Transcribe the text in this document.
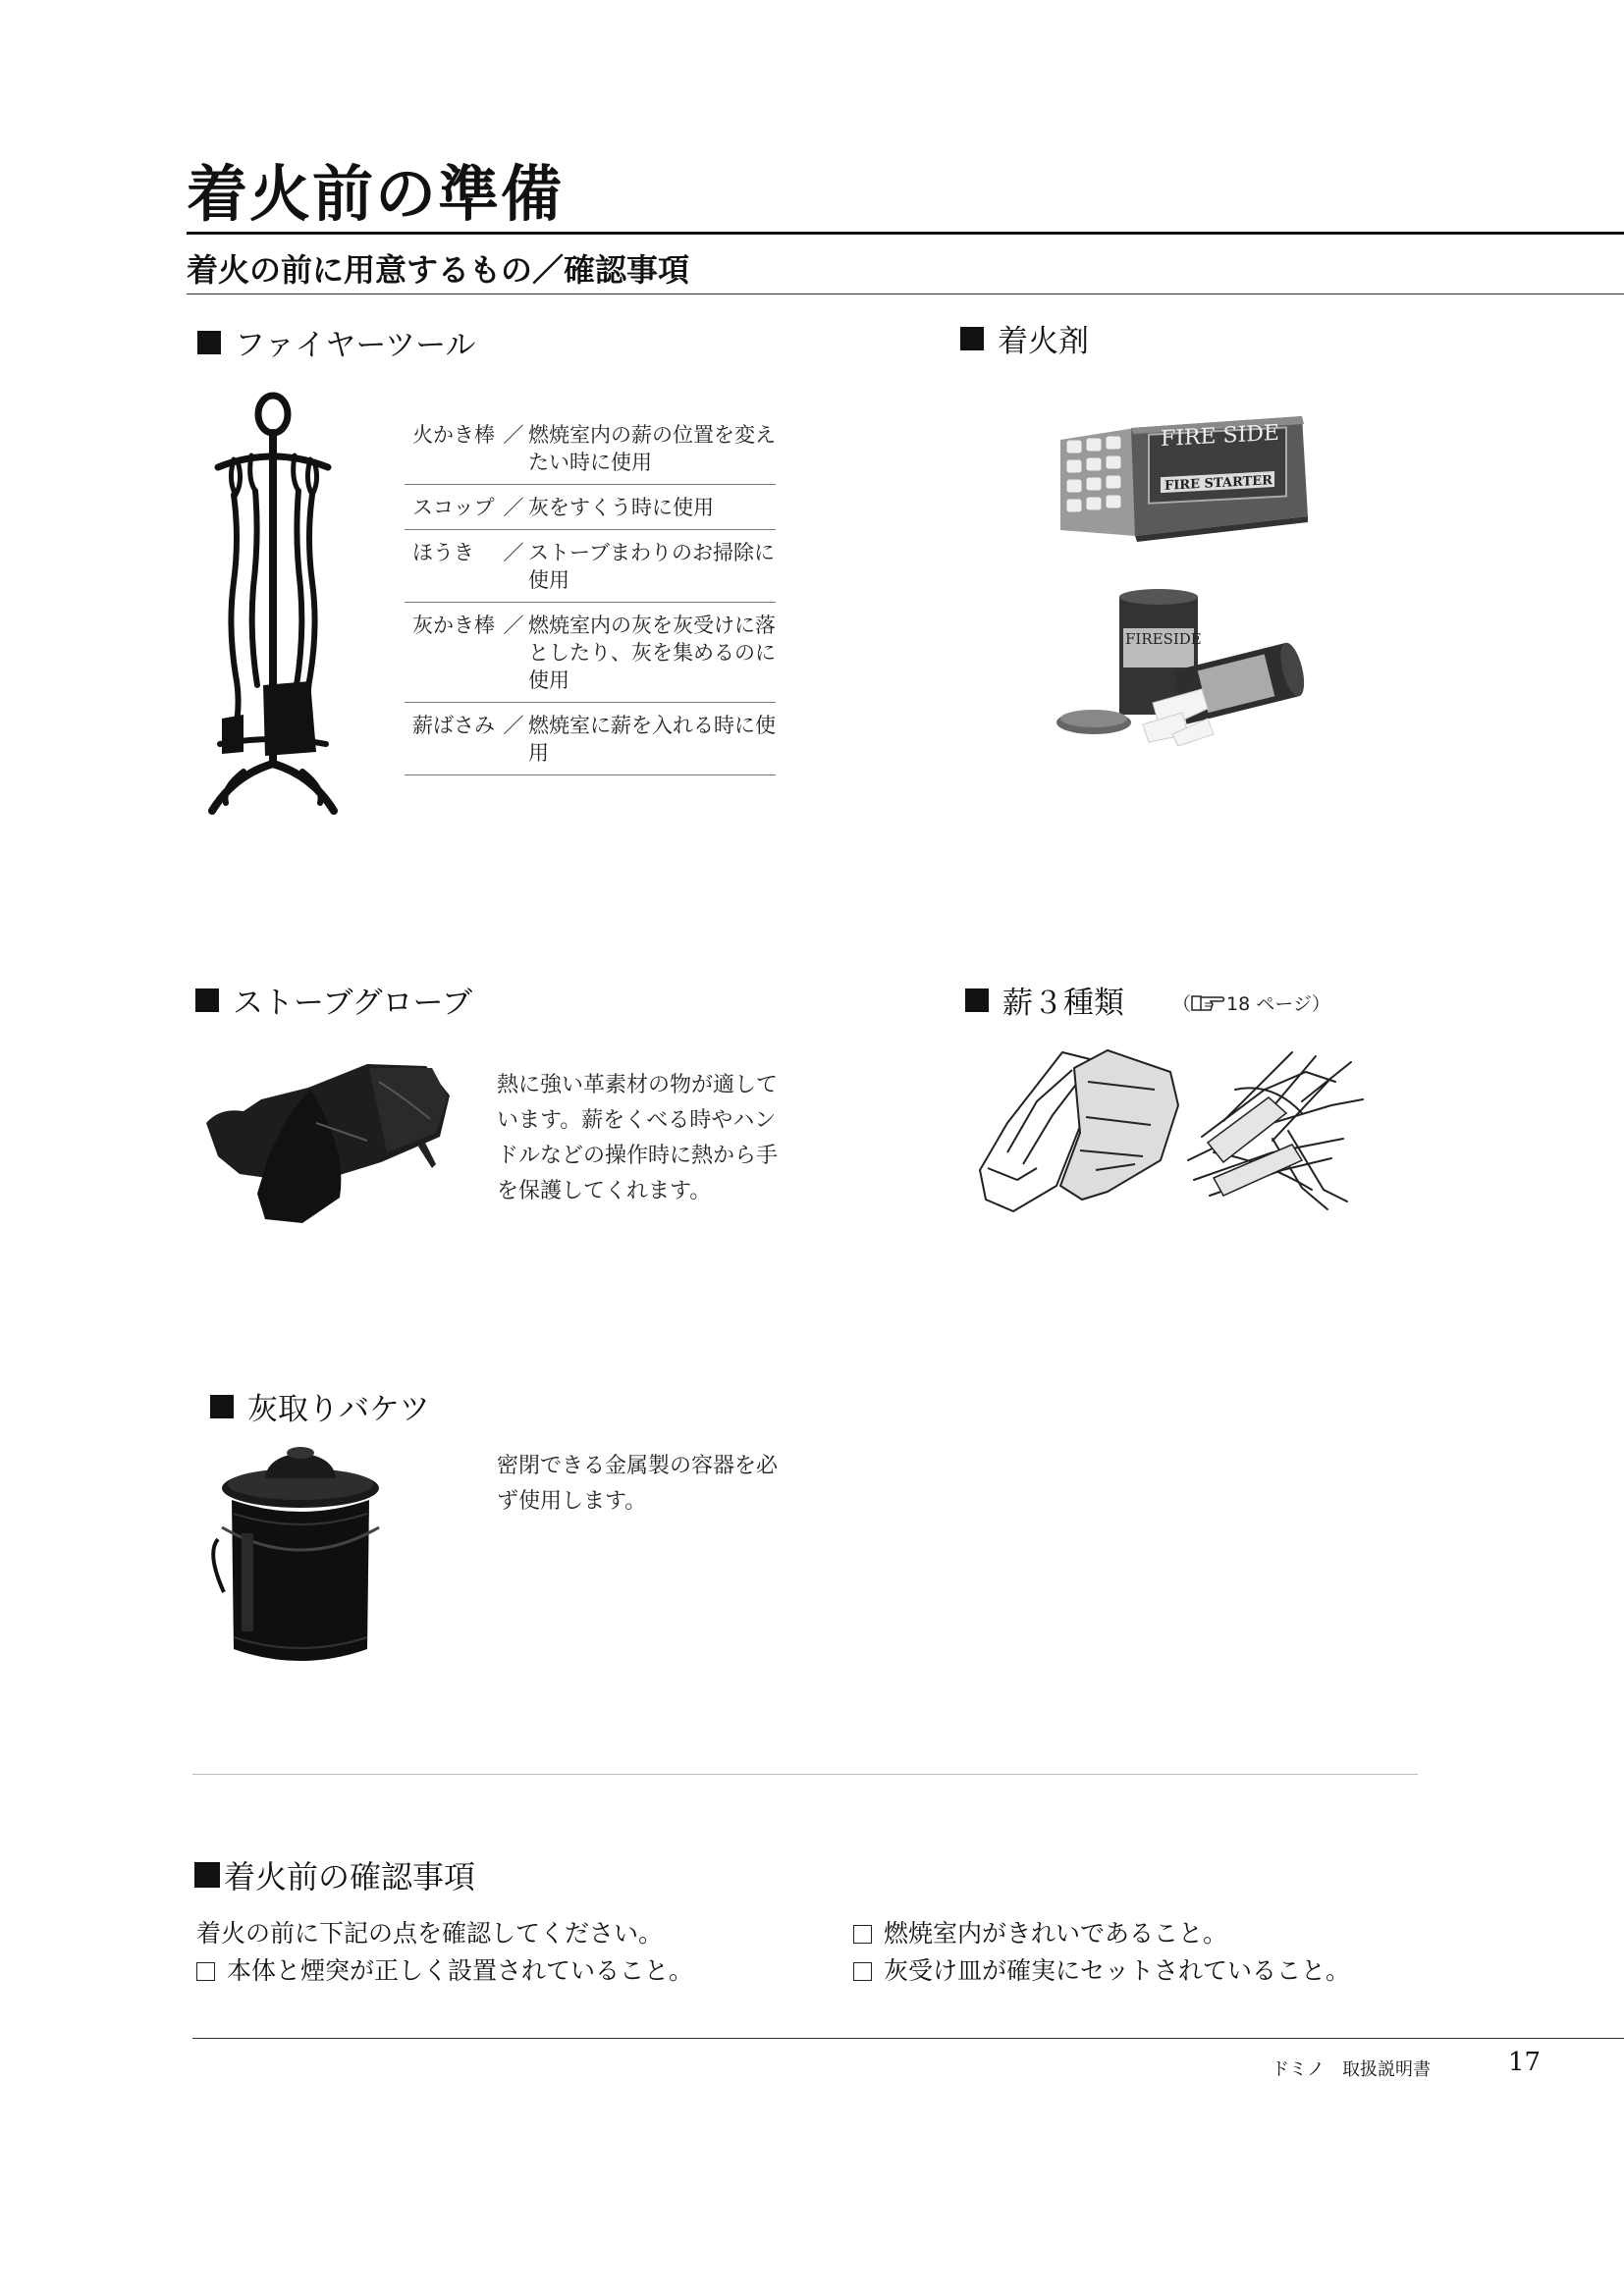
着火前の準備
着火の前に用意するもの／確認事項
ファイヤーツール
火かき棒 ／ 燃焼室内の薪の位置を変えたい時に使用
スコップ ／ 灰をすくう時に使用
ほうき	／ ストーブまわりのお掃除に使用
灰かき棒 ／ 燃焼室内の灰を灰受けに落としたり、灰を集めるのに使用
薪ばさみ ／ 燃焼室に薪を入れる時に使用
着火剤
FIRE SIDE
FIRE STARTER
FIRESIDE
ストーブグローブ
熱に強い革素材の物が適しています。薪をくべる時やハンドルなどの操作時に熱から手を保護してくれます。
薪３種類	（ 18 ページ）
灰取りバケツ
密閉できる金属製の容器を必ず使用します。
着火前の確認事項
着火の前に下記の点を確認してください。
本体と煙突が正しく設置されていること。
燃焼室内がきれいであること。
灰受け皿が確実にセットされていること。
ドミノ　取扱説明書	17
